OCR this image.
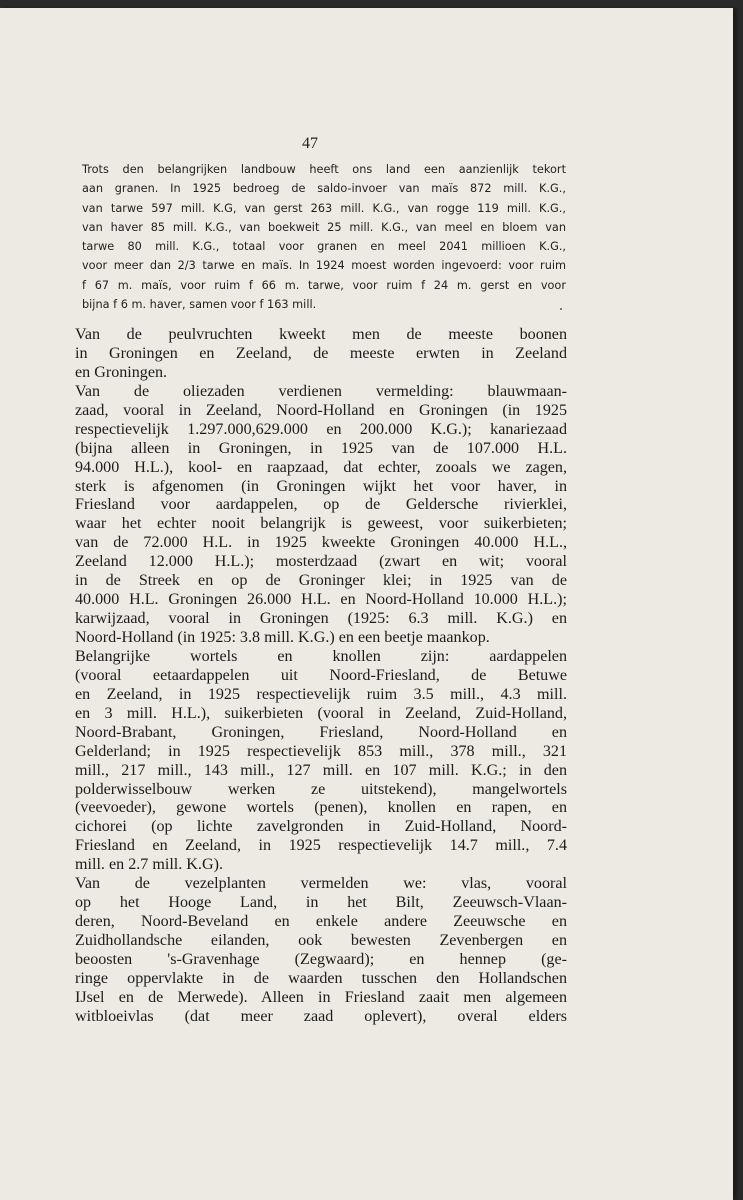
47
Trots den belangrijken landbouw heeft ons land een aanzienlijk tekort
aan granen. In 1925 bedroeg de saldo-invoer van maïs 872 mill. K.G.,
van tarwe 597 mill. K.G, van gerst 263 mill. K.G., van rogge 119 mill. K.G.,
van haver 85 mill. K.G., van boekweit 25 mill. K.G., van meel en bloem van
tarwe 80 mill. K.G., totaal voor granen en meel 2041 millioen K.G.,
voor meer dan 2/3 tarwe en maïs. In 1924 moest worden ingevoerd: voor ruim
f 67 m. maïs, voor ruim f 66 m. tarwe, voor ruim f 24 m. gerst en voor
bijna f 6 m. haver, samen voor f 163 mill.
Van de peulvruchten kweekt men de meeste boonen
in Groningen en Zeeland, de meeste erwten in Zeeland
en Groningen.
Van de oliezaden verdienen vermelding: blauwmaan-
zaad, vooral in Zeeland, Noord-Holland en Groningen (in 1925
respectievelijk 1.297.000,629.000 en 200.000 K.G.); kanariezaad
(bijna alleen in Groningen, in 1925 van de 107.000 H.L.
94.000 H.L.), kool- en raapzaad, dat echter, zooals we zagen,
sterk is afgenomen (in Groningen wijkt het voor haver, in
Friesland voor aardappelen, op de Geldersche rivierklei,
waar het echter nooit belangrijk is geweest, voor suikerbieten;
van de 72.000 H.L. in 1925 kweekte Groningen 40.000 H.L.,
Zeeland 12.000 H.L.); mosterdzaad (zwart en wit; vooral
in de Streek en op de Groninger klei; in 1925 van de
40.000 H.L. Groningen 26.000 H.L. en Noord-Holland 10.000 H.L.);
karwijzaad, vooral in Groningen (1925: 6.3 mill. K.G.) en
Noord-Holland (in 1925: 3.8 mill. K.G.) en een beetje maankop.
Belangrijke wortels en knollen zijn: aardappelen
(vooral eetaardappelen uit Noord-Friesland, de Betuwe
en Zeeland, in 1925 respectievelijk ruim 3.5 mill., 4.3 mill.
en 3 mill. H.L.), suikerbieten (vooral in Zeeland, Zuid-Holland,
Noord-Brabant, Groningen, Friesland, Noord-Holland en
Gelderland; in 1925 respectievelijk 853 mill., 378 mill., 321
mill., 217 mill., 143 mill., 127 mill. en 107 mill. K.G.; in den
polderwisselbouw werken ze uitstekend), mangelwortels
(veevoeder), gewone wortels (penen), knollen en rapen, en
cichorei (op lichte zavelgronden in Zuid-Holland, Noord-
Friesland en Zeeland, in 1925 respectievelijk 14.7 mill., 7.4
mill. en 2.7 mill. K.G).
Van de vezelplanten vermelden we: vlas, vooral
op het Hooge Land, in het Bilt, Zeeuwsch-Vlaan-
deren, Noord-Beveland en enkele andere Zeeuwsche en
Zuidhollandsche eilanden, ook bewesten Zevenbergen en
beoosten 's-Gravenhage (Zegwaard); en hennep (ge-
ringe oppervlakte in de waarden tusschen den Hollandschen
IJsel en de Merwede). Alleen in Friesland zaait men algemeen
witbloeivlas (dat meer zaad oplevert), overal elders
